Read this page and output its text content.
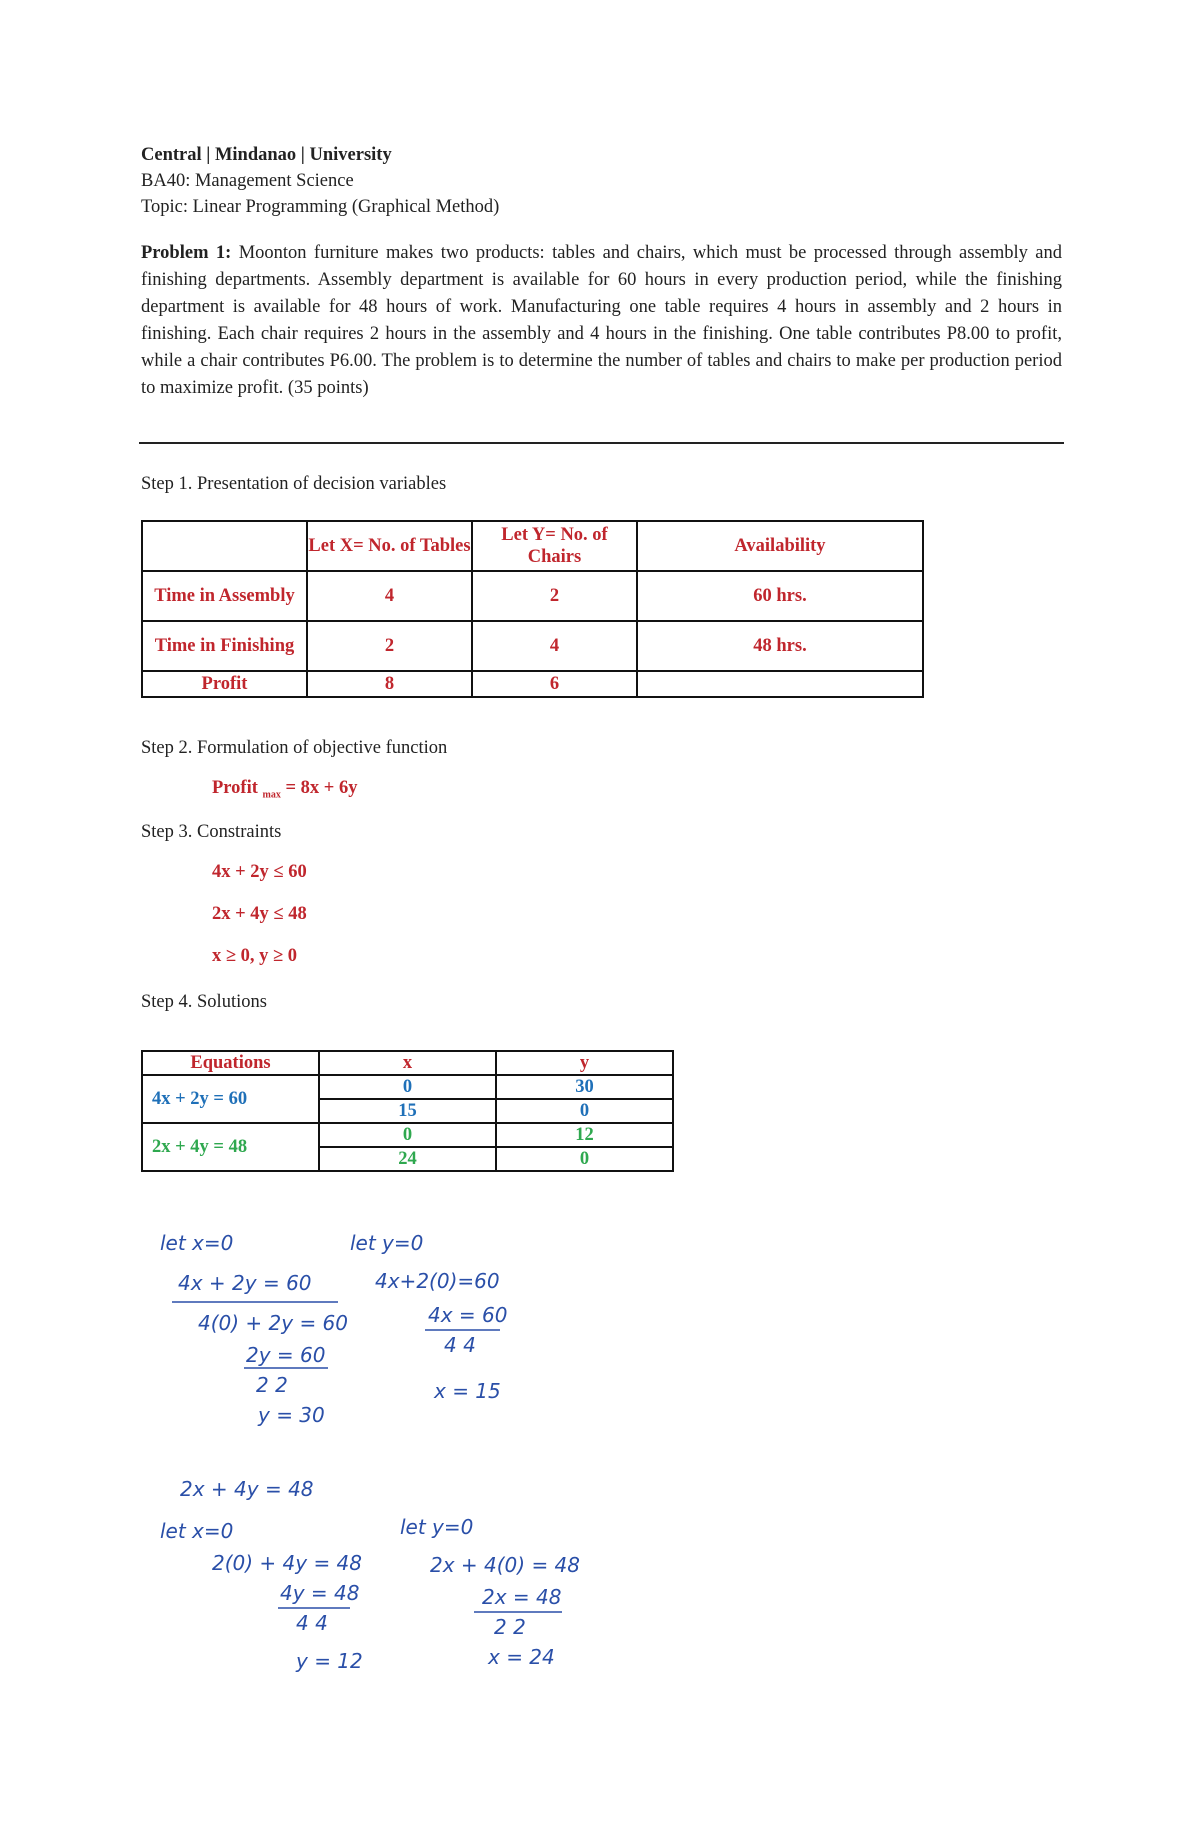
Central | Mindanao | University
BA40: Management Science
Topic: Linear Programming (Graphical Method)
Problem 1: Moonton furniture makes two products: tables and chairs, which must be processed through assembly and finishing departments. Assembly department is available for 60 hours in every production period, while the finishing department is available for 48 hours of work. Manufacturing one table requires 4 hours in assembly and 2 hours in finishing. Each chair requires 2 hours in the assembly and 4 hours in the finishing. One table contributes P8.00 to profit, while a chair contributes P6.00. The problem is to determine the number of tables and chairs to make per production period to maximize profit. (35 points)
Step 1. Presentation of decision variables
	Let X= No. of Tables	Let Y= No. of Chairs	Availability
Time in Assembly	4	2	60 hrs.
Time in Finishing	2	4	48 hrs.
Profit	8	6	
Step 2. Formulation of objective function
Profit $_{max}$ = 8x + 6y
Step 3. Constraints
4x + 2y ≤ 60
2x + 4y ≤ 48
x ≥ 0, y ≥ 0
Step 4. Solutions
Equations	x	y
4x + 2y = 60	0	30
	15	0
2x + 4y = 48	0	12
	24	0
let x=0	let y=0
4x + 2y = 60	4x+2(0)=60
4(0) + 2y = 60	4x = 60
2y = 60	4 4
2 2	x = 15
y = 30
2x + 4y = 48
let x=0	let y=0
2(0) + 4y = 48	2x + 4(0) = 48
4y = 48	2x = 48
4 4	2 2
y = 12	x = 24
